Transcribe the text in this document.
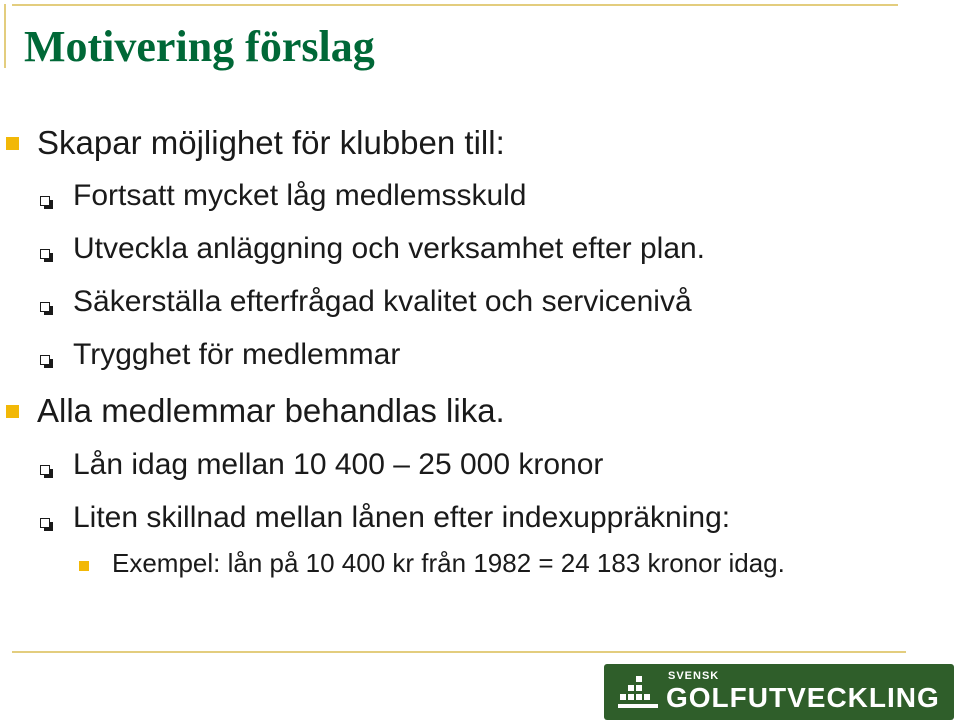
Motivering förslag
Skapar möjlighet för klubben till:
Fortsatt mycket låg medlemsskuld
Utveckla anläggning och verksamhet efter plan.
Säkerställa efterfrågad kvalitet och servicenivå
Trygghet för medlemmar
Alla medlemmar behandlas lika.
Lån idag mellan 10 400 – 25 000 kronor
Liten skillnad mellan lånen efter indexuppräkning:
Exempel: lån på 10 400 kr från 1982 = 24 183 kronor idag.
SVENSK
GOLFUTVECKLING
